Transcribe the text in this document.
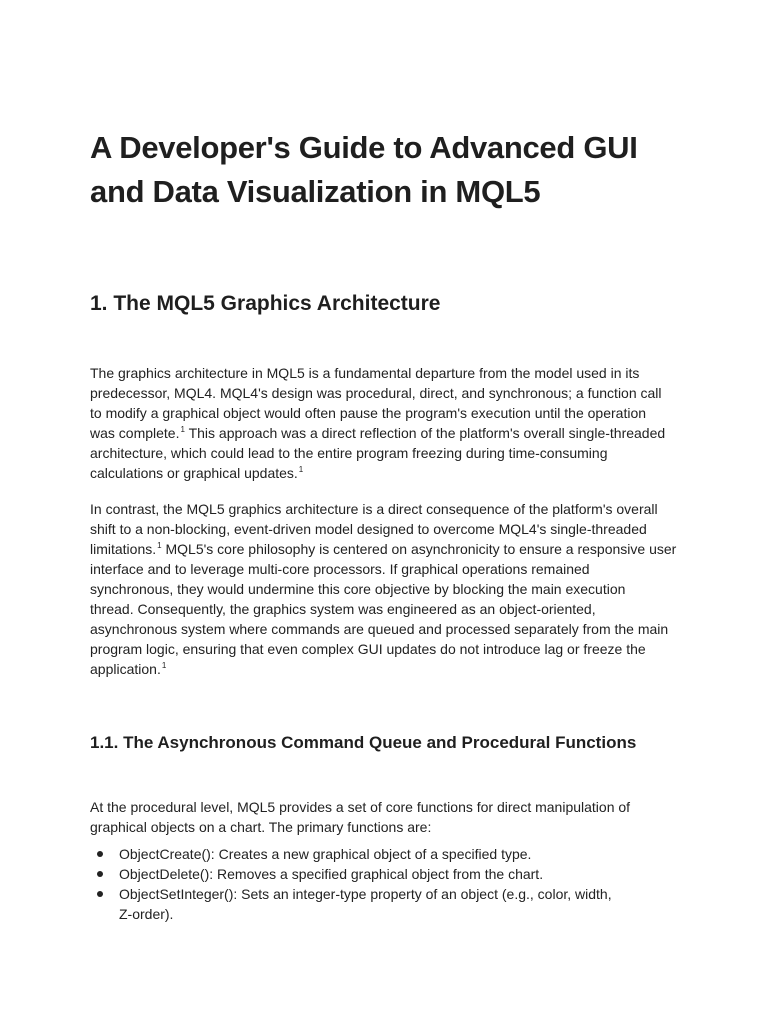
A Developer's Guide to Advanced GUI
and Data Visualization in MQL5
1. The MQL5 Graphics Architecture

The graphics architecture in MQL5 is a fundamental departure from the model used in its
predecessor, MQL4. MQL4's design was procedural, direct, and synchronous; a function call
to modify a graphical object would often pause the program's execution until the operation
was complete.$^1$ This approach was a direct reflection of the platform's overall single-threaded
architecture, which could lead to the entire program freezing during time-consuming
calculations or graphical updates.$^1$

In contrast, the MQL5 graphics architecture is a direct consequence of the platform's overall
shift to a non-blocking, event-driven model designed to overcome MQL4's single-threaded
limitations.$^1$ MQL5's core philosophy is centered on asynchronicity to ensure a responsive user
interface and to leverage multi-core processors. If graphical operations remained
synchronous, they would undermine this core objective by blocking the main execution
thread. Consequently, the graphics system was engineered as an object-oriented,
asynchronous system where commands are queued and processed separately from the main
program logic, ensuring that even complex GUI updates do not introduce lag or freeze the
application.$^1$

1.1. The Asynchronous Command Queue and Procedural Functions

At the procedural level, MQL5 provides a set of core functions for direct manipulation of
graphical objects on a chart. The primary functions are:

ObjectCreate(): Creates a new graphical object of a specified type.
ObjectDelete(): Removes a specified graphical object from the chart.
ObjectSetInteger(): Sets an integer-type property of an object (e.g., color, width,
Z-order).
